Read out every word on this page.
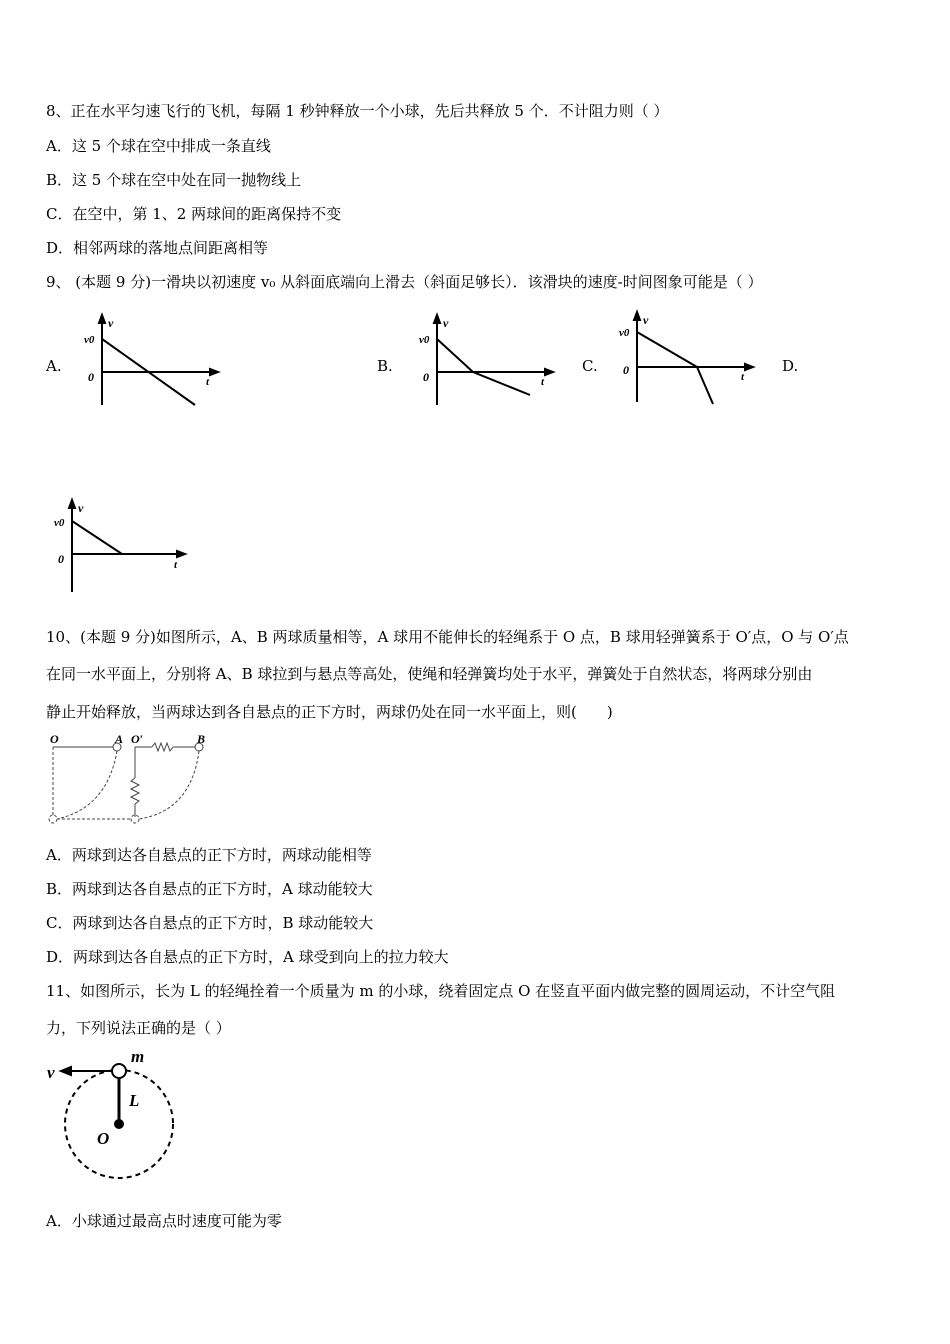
8、正在水平匀速飞行的飞机，每隔 1 秒钟释放一个小球，先后共释放 5 个．不计阻力则（ ）
A．这 5 个球在空中排成一条直线
B．这 5 个球在空中处在同一抛物线上
C．在空中，第 1、2 两球间的距离保持不变
D．相邻两球的落地点间距离相等
9、 (本题 9 分)一滑块以初速度 v₀ 从斜面底端向上滑去（斜面足够长）．该滑块的速度-时间图象可能是（ ）
A.	B.	C.	D.
v
v0
0	t
v
v0
0	t
v
v0
0	t
v
v0
0	t
10、(本题 9 分)如图所示，A、B 两球质量相等，A 球用不能伸长的轻绳系于 O 点，B 球用轻弹簧系于 O′点，O 与 O′点
在同一水平面上，分别将 A、B 球拉到与悬点等高处，使绳和轻弹簧均处于水平，弹簧处于自然状态，将两球分别由
静止开始释放，当两球达到各自悬点的正下方时，两球仍处在同一水平面上，则(　　)
O	A O′	B
A．两球到达各自悬点的正下方时，两球动能相等
B．两球到达各自悬点的正下方时，A 球动能较大
C．两球到达各自悬点的正下方时，B 球动能较大
D．两球到达各自悬点的正下方时，A 球受到向上的拉力较大
11、如图所示，长为 L 的轻绳拴着一个质量为 m 的小球，绕着固定点 O 在竖直平面内做完整的圆周运动，不计空气阻
力，下列说法正确的是（ ）
v
m
L
O
A．小球通过最高点时速度可能为零
